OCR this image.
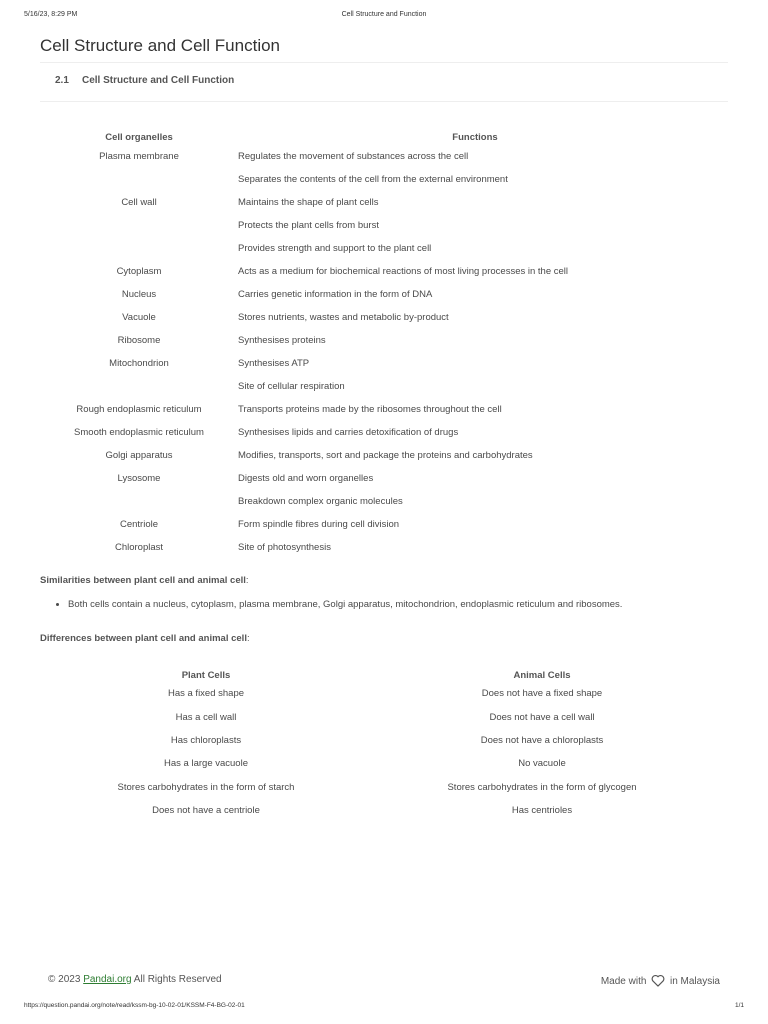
5/16/23, 8:29 PM	Cell Structure and Function
Cell Structure and Cell Function
2.1 Cell Structure and Cell Function
Cell organelles	Functions
Plasma membrane	Regulates the movement of substances across the cell
	Separates the contents of the cell from the external environment
Cell wall	Maintains the shape of plant cells
	Protects the plant cells from burst
	Provides strength and support to the plant cell
Cytoplasm	Acts as a medium for biochemical reactions of most living processes in the cell
Nucleus	Carries genetic information in the form of DNA
Vacuole	Stores nutrients, wastes and metabolic by-product
Ribosome	Synthesises proteins
Mitochondrion	Synthesises ATP
	Site of cellular respiration
Rough endoplasmic reticulum	Transports proteins made by the ribosomes throughout the cell
Smooth endoplasmic reticulum	Synthesises lipids and carries detoxification of drugs
Golgi apparatus	Modifies, transports, sort and package the proteins and carbohydrates
Lysosome	Digests old and worn organelles
	Breakdown complex organic molecules
Centriole	Form spindle fibres during cell division
Chloroplast	Site of photosynthesis
Similarities between plant cell and animal cell:
• Both cells contain a nucleus, cytoplasm, plasma membrane, Golgi apparatus, mitochondrion, endoplasmic reticulum and ribosomes.
Differences between plant cell and animal cell:
Plant Cells	Animal Cells
Has a fixed shape	Does not have a fixed shape
Has a cell wall	Does not have a cell wall
Has chloroplasts	Does not have a chloroplasts
Has a large vacuole	No vacuole
Stores carbohydrates in the form of starch	Stores carbohydrates in the form of glycogen
Does not have a centriole	Has centrioles
© 2023 Pandai.org All Rights Reserved	Made with in Malaysia
https://question.pandai.org/note/read/kssm-bg-10-02-01/KSSM-F4-BG-02-01	1/1
